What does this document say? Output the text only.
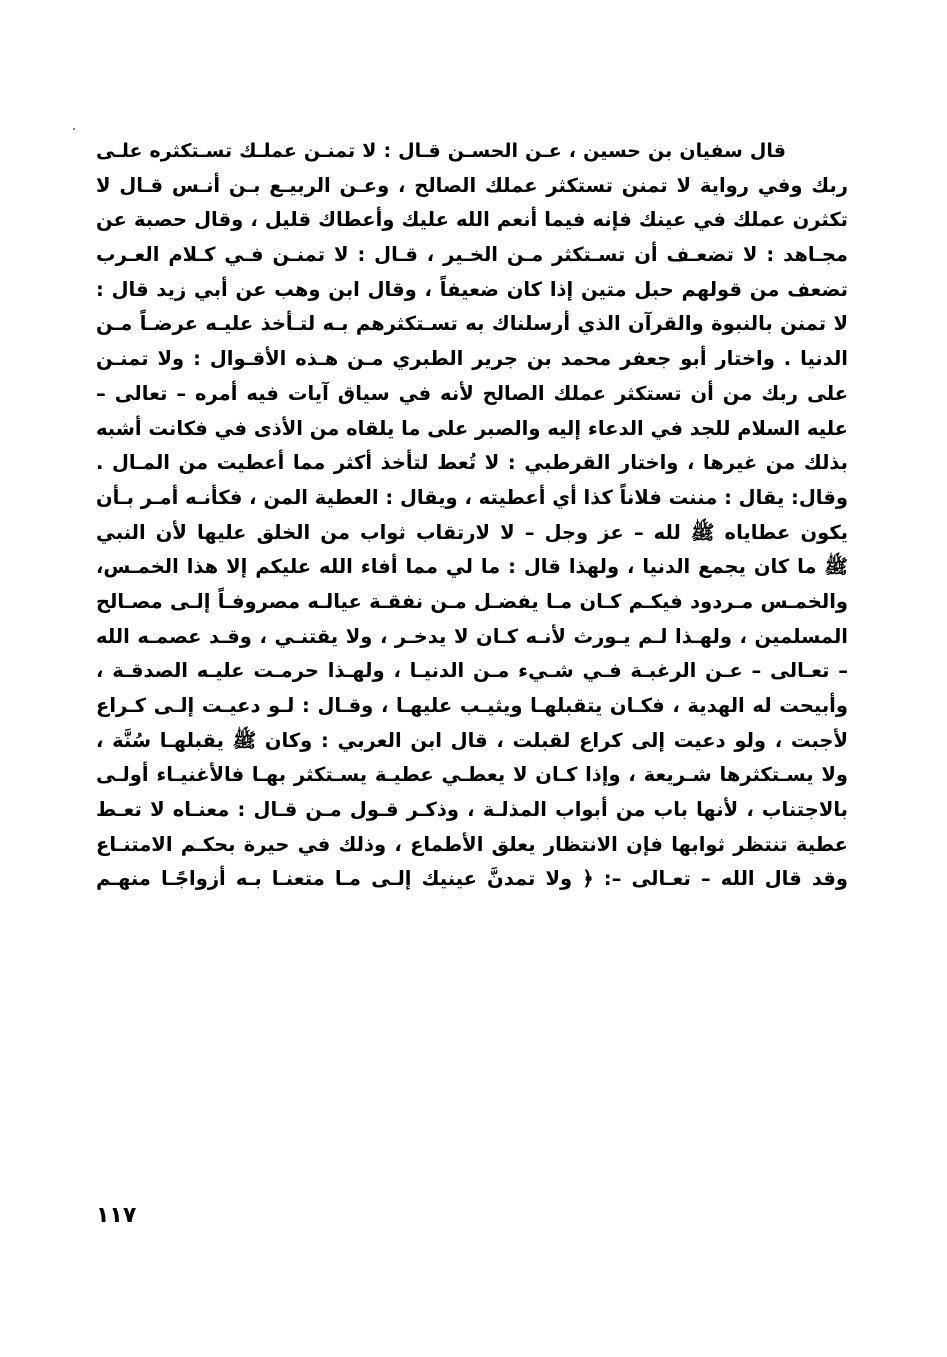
قال سفيان بن حسين ، عـن الحسـن قـال : لا تمنـن عملـك تسـتكثره علـى
ربك وفي رواية لا تمنن تستكثر عملك الصالح ، وعـن الربيـع بـن أنـس قـال لا
تكثرن عملك في عينك فإنه فيما أنعم الله عليك وأعطاك قليل ، وقال حصبة عن
مجـاهد : لا تضعـف أن تسـتكثر مـن الخـير ، قـال : لا تمنـن فـي كـلام العـرب
تضعف من قولهم حبل متين إذا كان ضعيفاً ، وقال ابن وهب عن أبي زيد قال :
لا تمنن بالنبوة والقرآن الذي أرسلناك به تسـتكثرهم بـه لتـأخذ عليـه عرضـاً مـن
الدنيا . واختار أبو جعفر محمد بن جرير الطبري مـن هـذه الأقـوال : ولا تمنـن
على ربك من أن تستكثر عملك الصالح لأنه في سياق آيات فيه أمره – تعالى –
عليه السلام للجد في الدعاء إليه والصبر على ما يلقاه من الأذى في فكانت أشبه
بذلك من غيرها ، واختار القرطبي : لا تُعط لتأخذ أكثر مما أعطيت من المـال .
وقال: يقال : مننت فلاناً كذا أي أعطيته ، ويقال : العطية المن ، فكأنـه أمـر بـأن
يكون عطاياه ﷺ لله – عز وجل – لا لارتقاب ثواب من الخلق عليها لأن النبي
ﷺ ما كان يجمع الدنيا ، ولهذا قال : ما لي مما أفاء الله عليكم إلا هذا الخمـس،
والخمـس مـردود فيكـم كـان مـا يفضـل مـن نفقـة عيالـه مصروفـاً إلـى مصـالح
المسلمين ، ولهـذا لـم يـورث لأنـه كـان لا يدخـر ، ولا يقتنـي ، وقـد عصمـه الله
– تعـالى – عـن الرغبـة فـي شـيء مـن الدنيـا ، ولهـذا حرمـت عليـه الصدقـة ،
وأبيحت له الهدية ، فكـان يتقبلهـا ويثيـب عليهـا ، وقـال : لـو دعيـت إلـى كـراع
لأجبت ، ولو دعيت إلى كراع لقبلت ، قال ابن العربي : وكان ﷺ يقبلهـا سُنَّة ،
ولا يسـتكثرها شـريعة ، وإذا كـان لا يعطـي عطيـة يسـتكثر بهـا فالأغنيـاء أولـى
بالاجتناب ، لأنها باب من أبواب المذلـة ، وذكـر قـول مـن قـال : معنـاه لا تعـط
عطية تنتظر ثوابها فإن الانتظار يعلق الأطماع ، وذلك في حيرة بحكـم الامتنـاع
وقد قال الله – تعـالى –: ﴿ ولا تمدنَّ عينيك إلـى مـا متعنـا بـه أزواجًـا منهـم
١١٧
